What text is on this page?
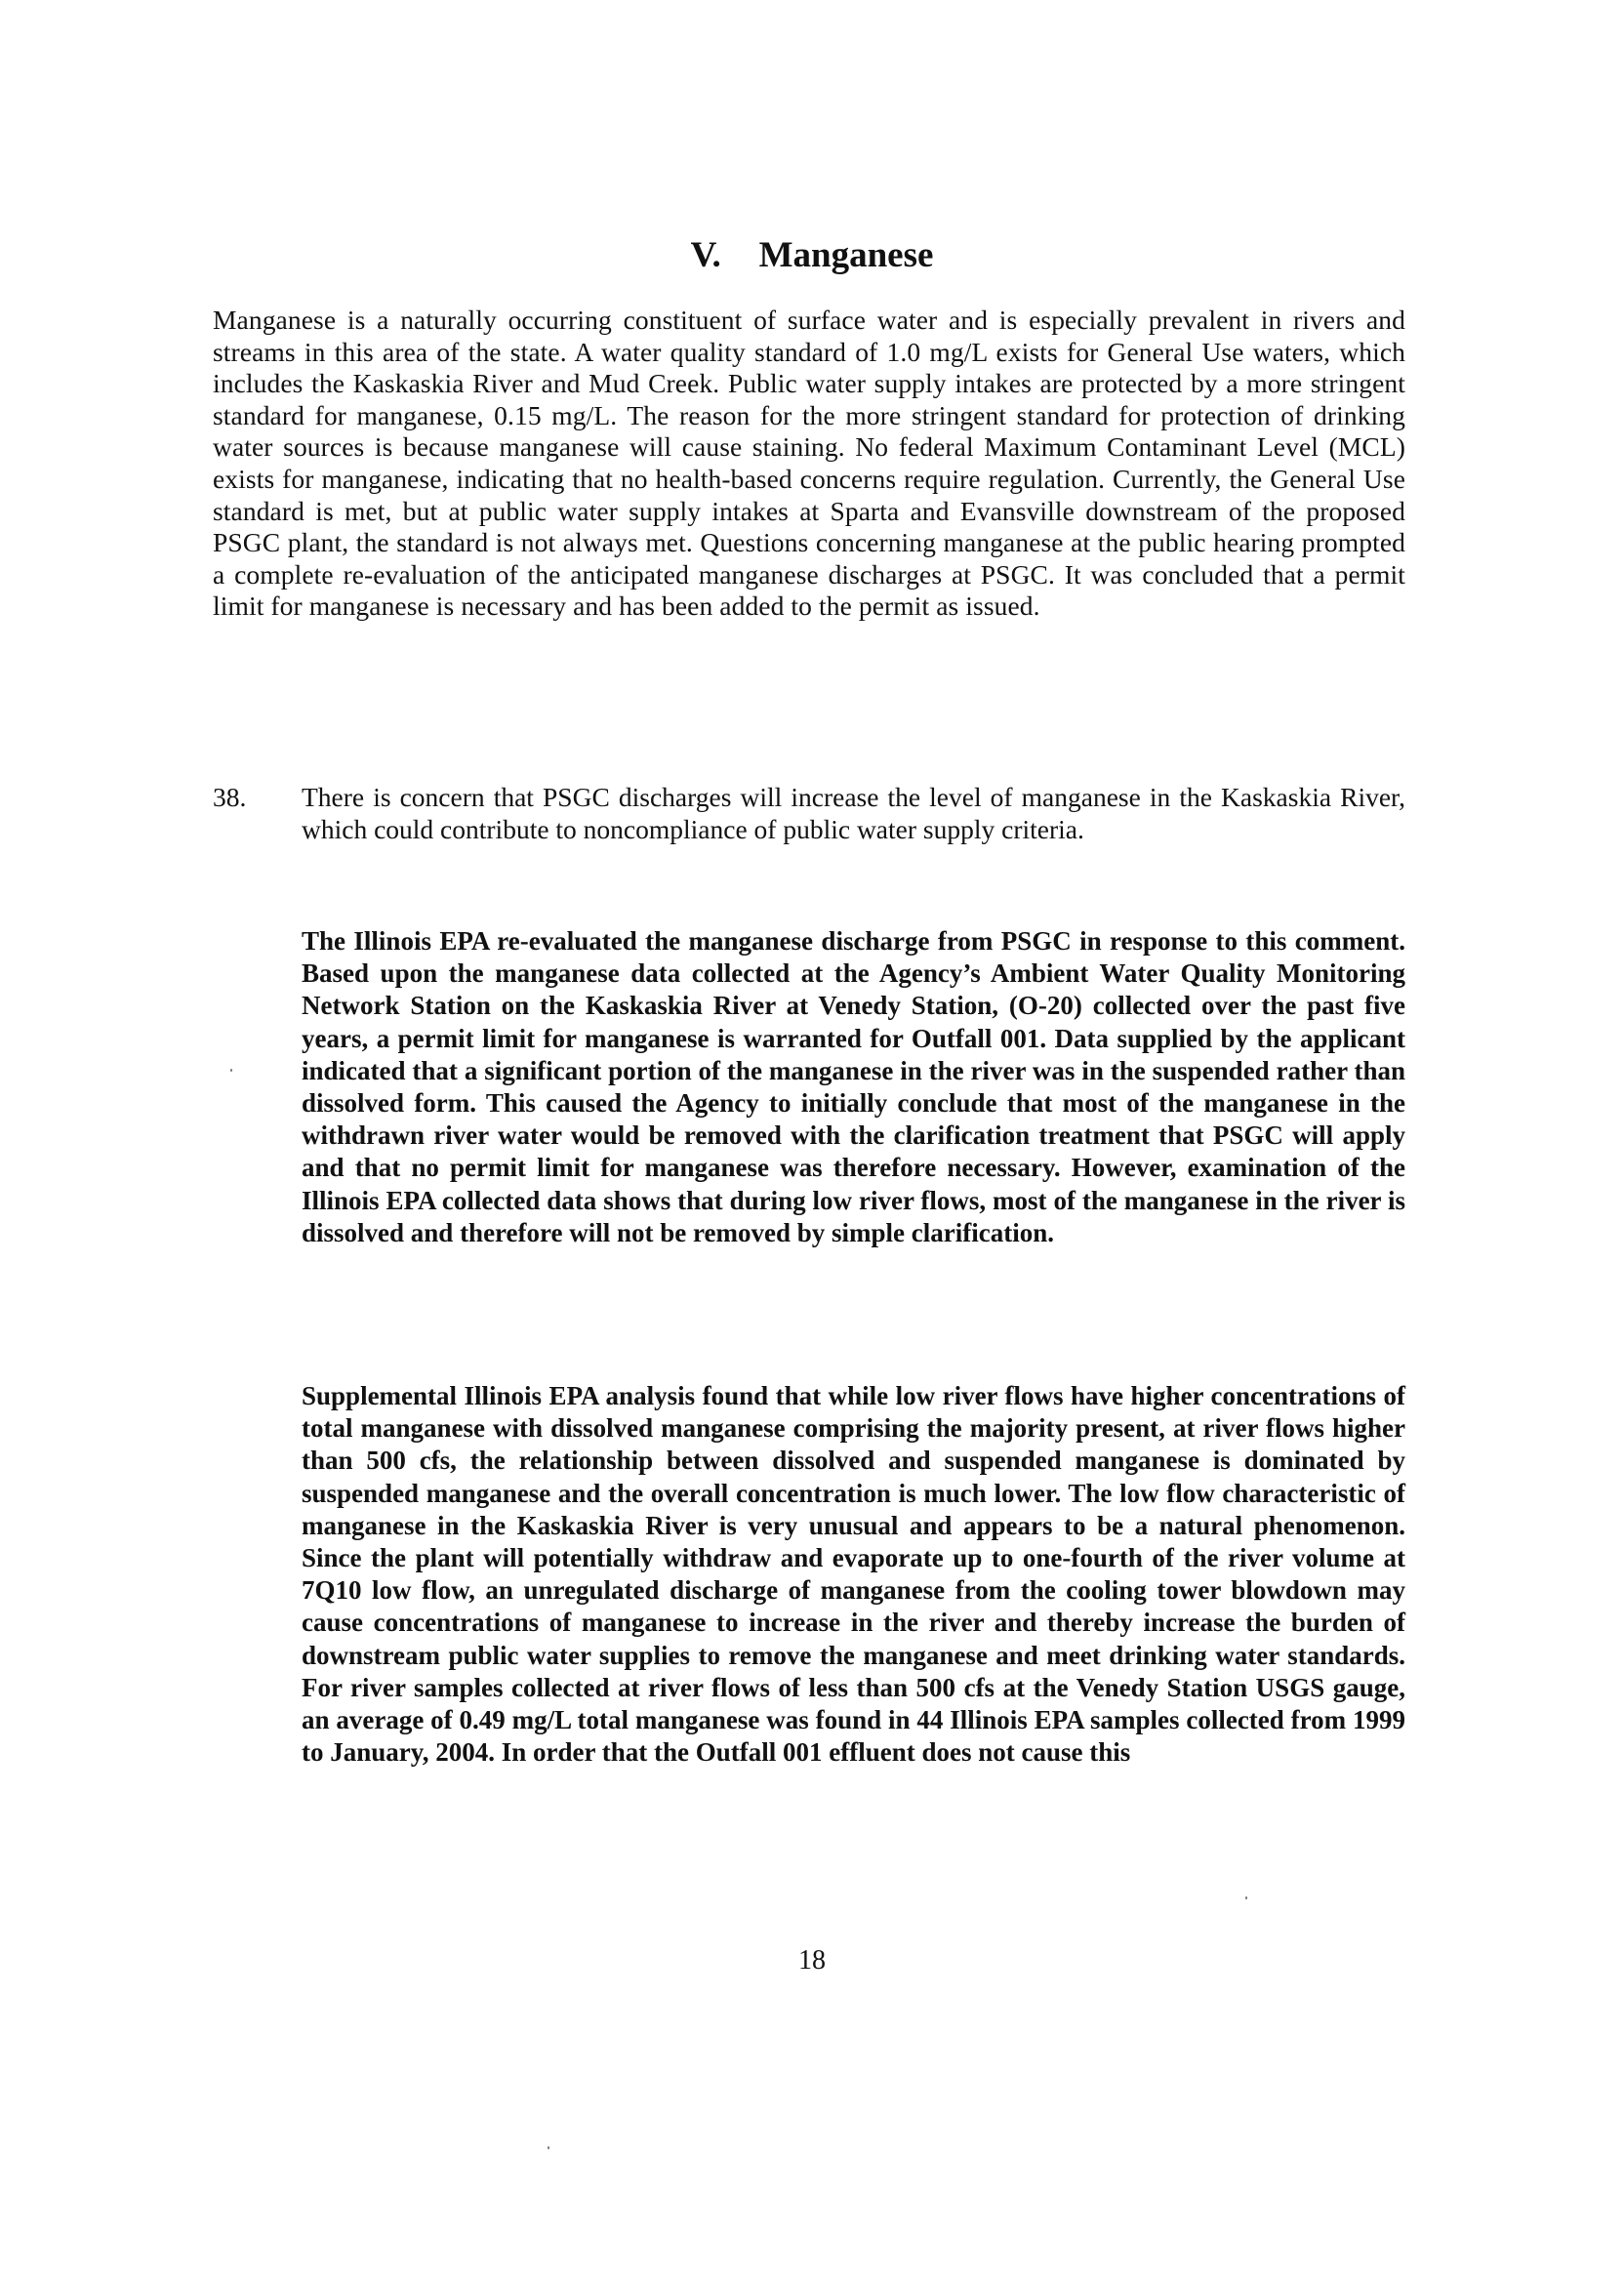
V. Manganese

Manganese is a naturally occurring constituent of surface water and is especially prevalent in rivers and streams in this area of the state. A water quality standard of 1.0 mg/L exists for General Use waters, which includes the Kaskaskia River and Mud Creek. Public water supply intakes are protected by a more stringent standard for manganese, 0.15 mg/L. The reason for the more stringent standard for protection of drinking water sources is because manganese will cause staining. No federal Maximum Contaminant Level (MCL) exists for manganese, indicating that no health-based concerns require regulation. Currently, the General Use standard is met, but at public water supply intakes at Sparta and Evansville downstream of the proposed PSGC plant, the standard is not always met. Questions concerning manganese at the public hearing prompted a complete re-evaluation of the anticipated manganese discharges at PSGC. It was concluded that a permit limit for manganese is necessary and has been added to the permit as issued.

38. There is concern that PSGC discharges will increase the level of manganese in the Kaskaskia River, which could contribute to noncompliance of public water supply criteria.

The Illinois EPA re-evaluated the manganese discharge from PSGC in response to this comment. Based upon the manganese data collected at the Agency’s Ambient Water Quality Monitoring Network Station on the Kaskaskia River at Venedy Station, (O-20) collected over the past five years, a permit limit for manganese is warranted for Outfall 001. Data supplied by the applicant indicated that a significant portion of the manganese in the river was in the suspended rather than dissolved form. This caused the Agency to initially conclude that most of the manganese in the withdrawn river water would be removed with the clarification treatment that PSGC will apply and that no permit limit for manganese was therefore necessary. However, examination of the Illinois EPA collected data shows that during low river flows, most of the manganese in the river is dissolved and therefore will not be removed by simple clarification.

Supplemental Illinois EPA analysis found that while low river flows have higher concentrations of total manganese with dissolved manganese comprising the majority present, at river flows higher than 500 cfs, the relationship between dissolved and suspended manganese is dominated by suspended manganese and the overall concentration is much lower. The low flow characteristic of manganese in the Kaskaskia River is very unusual and appears to be a natural phenomenon. Since the plant will potentially withdraw and evaporate up to one-fourth of the river volume at 7Q10 low flow, an unregulated discharge of manganese from the cooling tower blowdown may cause concentrations of manganese to increase in the river and thereby increase the burden of downstream public water supplies to remove the manganese and meet drinking water standards. For river samples collected at river flows of less than 500 cfs at the Venedy Station USGS gauge, an average of 0.49 mg/L total manganese was found in 44 Illinois EPA samples collected from 1999 to January, 2004. In order that the Outfall 001 effluent does not cause this

18
